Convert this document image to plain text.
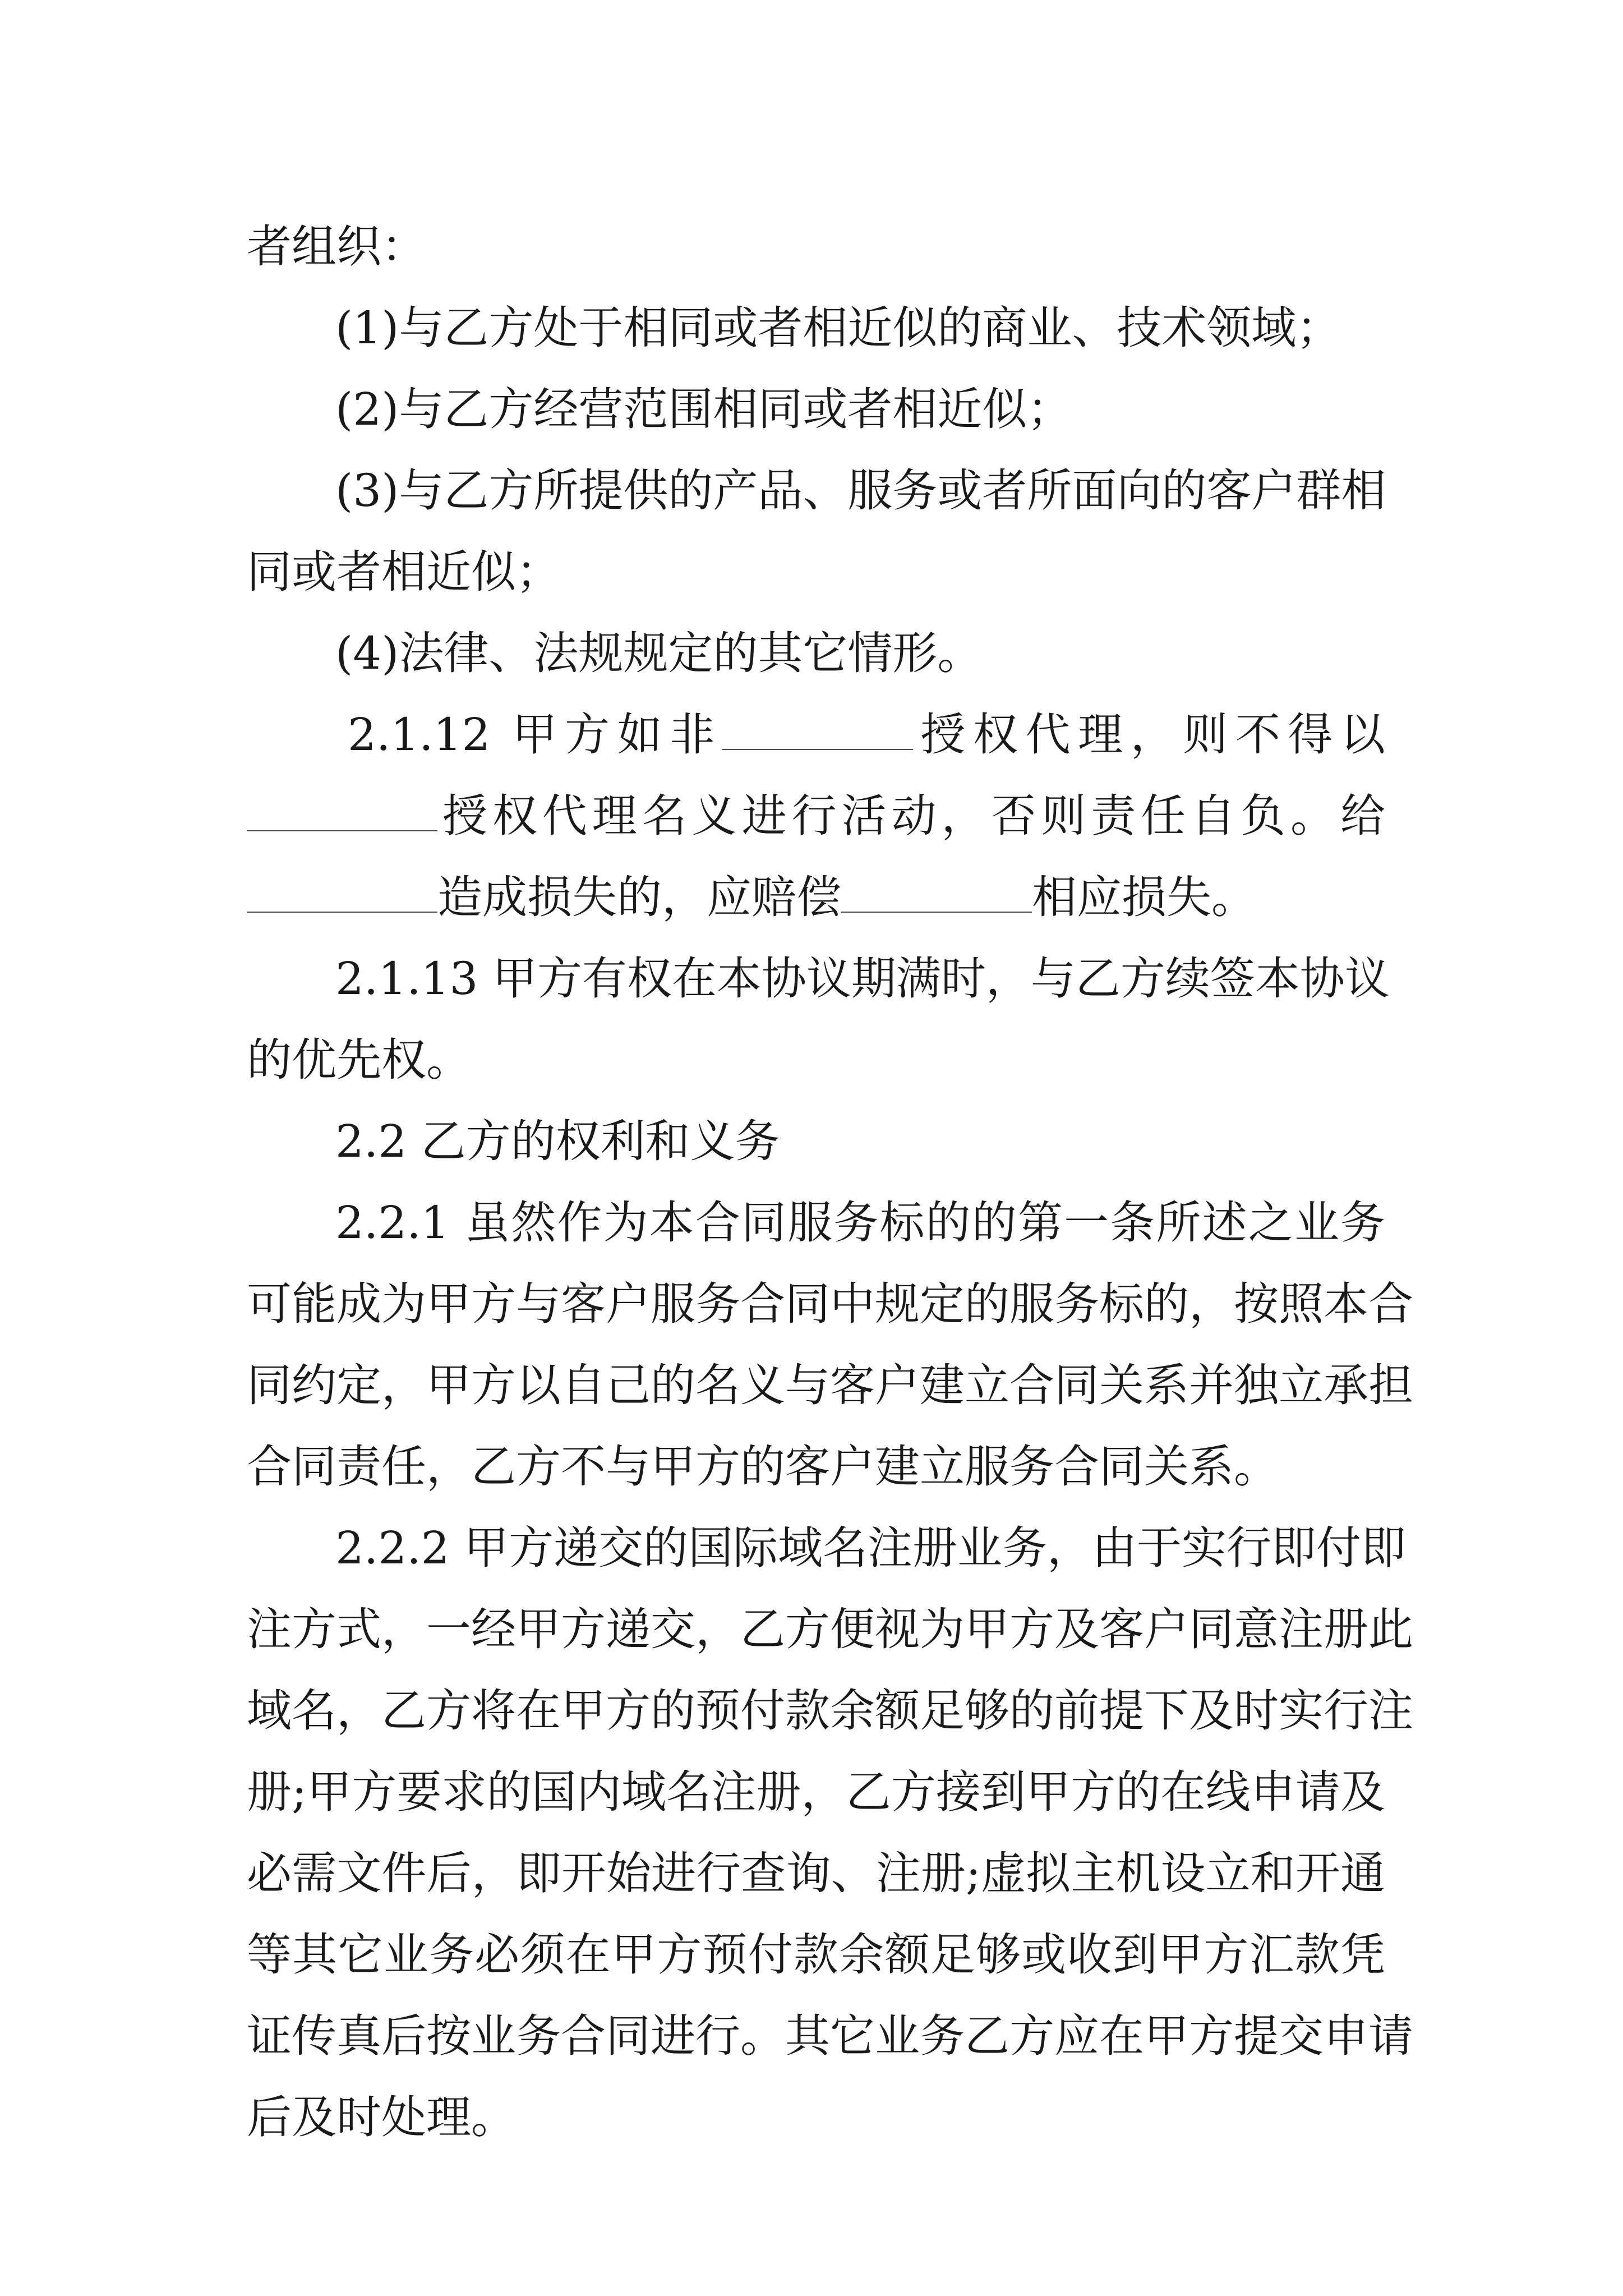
者组织：
(1)与乙方处于相同或者相近似的商业、技术领域；
(2)与乙方经营范围相同或者相近似；
(3)与乙方所提供的产品、服务或者所面向的客户群相
同或者相近似；
(4)法律、法规规定的其它情形。
2.1.12 甲方如非	授权代理，则不得以
授权代理名义进行活动，否则责任自负。给
造成损失的，应赔偿	相应损失。
2.1.13 甲方有权在本协议期满时，与乙方续签本协议
的优先权。
2.2 乙方的权利和义务
2.2.1 虽然作为本合同服务标的的第一条所述之业务
可能成为甲方与客户服务合同中规定的服务标的，按照本合
同约定，甲方以自己的名义与客户建立合同关系并独立承担
合同责任，乙方不与甲方的客户建立服务合同关系。
2.2.2 甲方递交的国际域名注册业务，由于实行即付即
注方式，一经甲方递交，乙方便视为甲方及客户同意注册此
域名，乙方将在甲方的预付款余额足够的前提下及时实行注
册;甲方要求的国内域名注册，乙方接到甲方的在线申请及
必需文件后，即开始进行查询、注册;虚拟主机设立和开通
等其它业务必须在甲方预付款余额足够或收到甲方汇款凭
证传真后按业务合同进行。其它业务乙方应在甲方提交申请
后及时处理。
